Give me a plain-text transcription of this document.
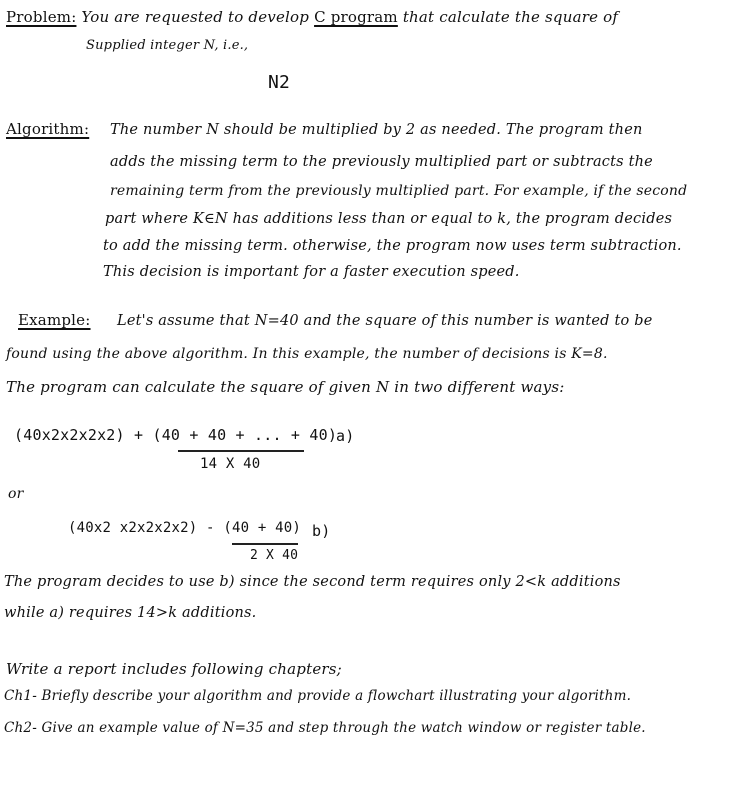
Problem: You are requested to develop C program that calculate the square of
Supplied integer N, i.e.,
N2
Algorithm: The number N should be multiplied by 2 as needed. The program then
adds the missing term to the previously multiplied part or subtracts the
remaining term from the previously multiplied part. For example, if the second
part where K∈N has additions less than or equal to k, the program decides
to add the missing term. otherwise, the program now uses term subtraction.
This decision is important for a faster execution speed.
Example: Let's assume that N=40 and the square of this number is wanted to be
found using the above algorithm. In this example, the number of decisions is K=8.
The program can calculate the square of given N in two different ways:
(40x2x2x2x2) + (40 + 40 + ... + 40)
a)
14 X 40
or
(40x2 x2x2x2x2) - (40 + 40) b)
2 X 40
The program decides to use b) since the second term requires only 2<k additions
while a) requires 14>k additions.
Write a report includes following chapters;
Ch1- Briefly describe your algorithm and provide a flowchart illustrating your algorithm.
Ch2- Give an example value of N=35 and step through the watch window or register table.
